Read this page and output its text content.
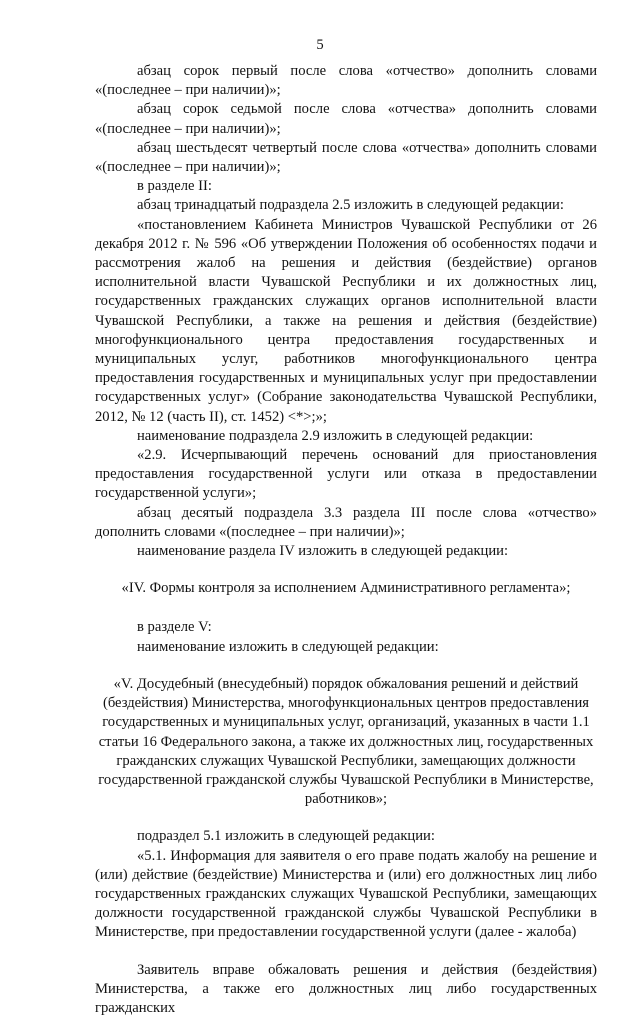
5

абзац сорок первый после слова «отчество» дополнить словами «(последнее – при наличии)»;

абзац сорок седьмой после слова «отчества» дополнить словами «(последнее – при наличии)»;

абзац шестьдесят четвертый после слова «отчества» дополнить словами «(последнее – при наличии)»;

в разделе II:

абзац тринадцатый подраздела 2.5 изложить в следующей редакции:

«постановлением Кабинета Министров Чувашской Республики от 26 декабря 2012 г. № 596 «Об утверждении Положения об особенностях подачи и рассмотрения жалоб на решения и действия (бездействие) органов исполнительной власти Чувашской Республики и их должностных лиц, государственных гражданских служащих органов исполнительной власти Чувашской Республики, а также на решения и действия (бездействие) многофункционального центра предоставления государственных и муниципальных услуг, работников многофункционального центра предоставления государственных и муниципальных услуг при предоставлении государственных услуг» (Собрание законодательства Чувашской Республики, 2012, № 12 (часть II), ст. 1452) <*>;»;

наименование подраздела 2.9 изложить в следующей редакции:

«2.9. Исчерпывающий перечень оснований для приостановления предоставления государственной услуги или отказа в предоставлении государственной услуги»;

абзац десятый подраздела 3.3 раздела III после слова «отчество» дополнить словами «(последнее – при наличии)»;

наименование раздела IV изложить в следующей редакции:

«IV. Формы контроля за исполнением Административного регламента»;

в разделе V:

наименование изложить в следующей редакции:

«V. Досудебный (внесудебный) порядок обжалования решений и действий (бездействия) Министерства, многофункциональных центров предоставления государственных и муниципальных услуг, организаций, указанных в части 1.1 статьи 16 Федерального закона, а также их должностных лиц, государственных гражданских служащих Чувашской Республики, замещающих должности государственной гражданской службы Чувашской Республики в Министерстве, работников»;

подраздел 5.1 изложить в следующей редакции:

«5.1. Информация для заявителя о его праве подать жалобу на решение и (или) действие (бездействие) Министерства и (или) его должностных лиц либо государственных гражданских служащих Чувашской Республики, замещающих должности государственной гражданской службы Чувашской Республики в Министерстве, при предоставлении государственной услуги (далее - жалоба)

Заявитель вправе обжаловать решения и действия (бездействия) Министерства, а также его должностных лиц либо государственных гражданских
